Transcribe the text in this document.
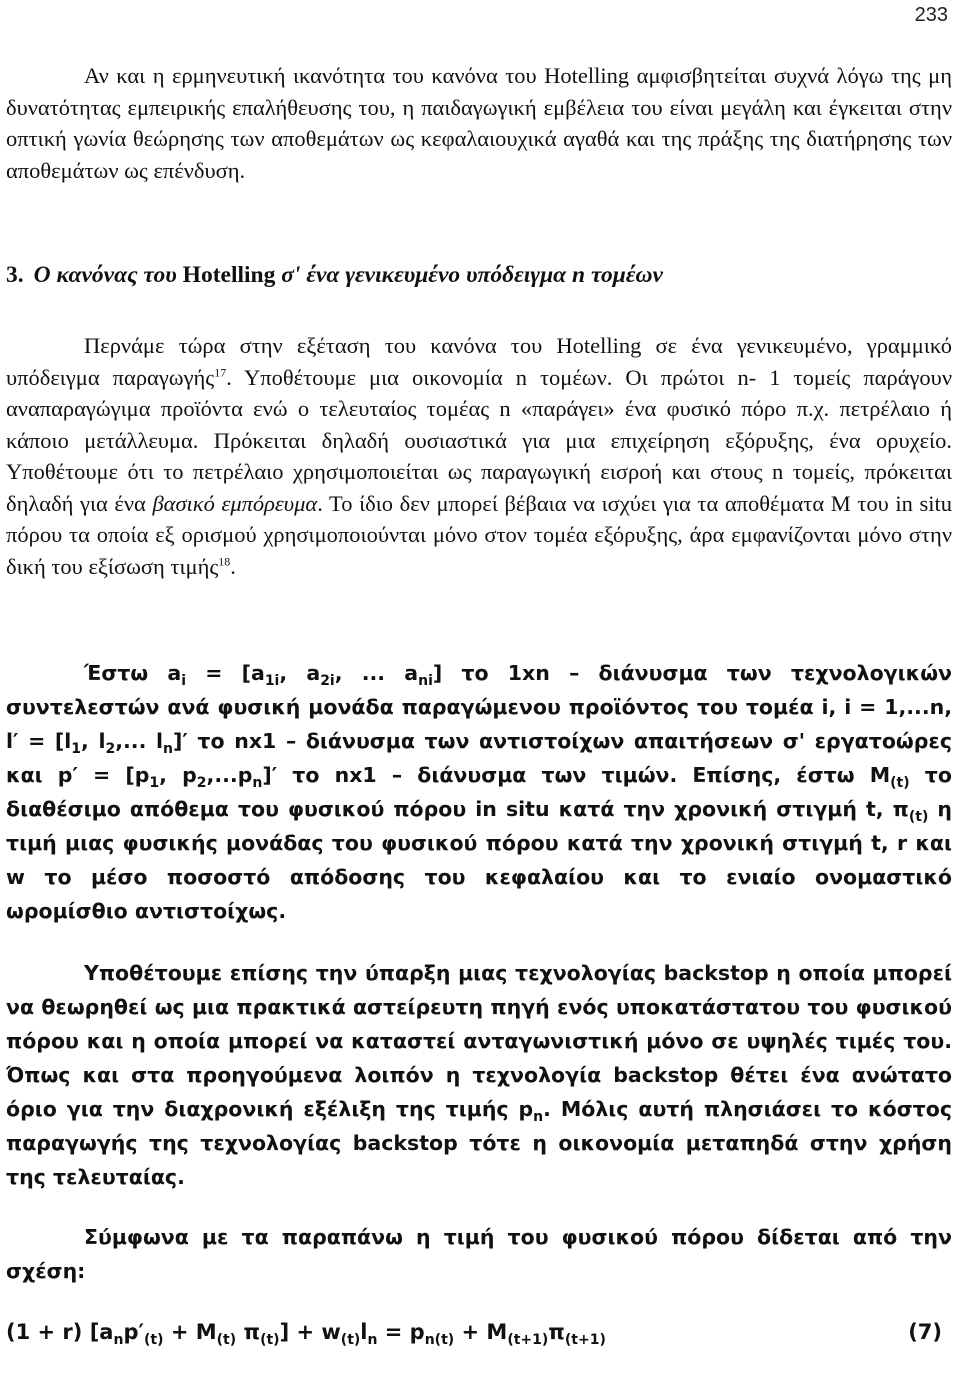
233

Αν και η ερμηνευτική ικανότητα του κανόνα του Hotelling αμφισβητείται συχνά λόγω της μη δυνατότητας εμπειρικής επαλήθευσης του, η παιδαγωγική εμβέλεια του είναι μεγάλη και έγκειται στην οπτική γωνία θεώρησης των αποθεμάτων ως κεφαλαιουχικά αγαθά και της πράξης της διατήρησης των αποθεμάτων ως επένδυση.

3. Ο κανόνας του Hotelling σ' ένα γενικευμένο υπόδειγμα n τομέων

Περνάμε τώρα στην εξέταση του κανόνα του Hotelling σε ένα γενικευμένο, γραμμικό υπόδειγμα παραγωγής$^{17}$. Υποθέτουμε μια οικονομία n τομέων. Οι πρώτοι n- 1 τομείς παράγουν αναπαραγώγιμα προϊόντα ενώ ο τελευταίος τομέας n «παράγει» ένα φυσικό πόρο π.χ. πετρέλαιο ή κάποιο μετάλλευμα. Πρόκειται δηλαδή ουσιαστικά για μια επιχείρηση εξόρυξης, ένα ορυχείο. Υποθέτουμε ότι το πετρέλαιο χρησιμοποιείται ως παραγωγική εισροή και στους n τομείς, πρόκειται δηλαδή για ένα βασικό εμπόρευμα. Το ίδιο δεν μπορεί βέβαια να ισχύει για τα αποθέματα Μ του in situ πόρου τα οποία εξ ορισμού χρησιμοποιούνται μόνο στον τομέα εξόρυξης, άρα εμφανίζονται μόνο στην δική του εξίσωση τιμής$^{18}$.

Έστω $a_i = [a_{1i}$, $a_{2i}$, ... $a_{ni}$] το 1xn – διάνυσμα των τεχνολογικών συντελεστών ανά φυσική μονάδα παραγώμενου προϊόντος του τομέα i, i = 1,...n, $l' = [l_1$, $l_2$,... $l_n]'$ το nx1 – διάνυσμα των αντιστοίχων απαιτήσεων σ' εργατοώρες και $p' = [p_1$, $p_2,...p_n]'$ το nx1 – διάνυσμα των τιμών. Επίσης, έστω $M_{(t)}$ το διαθέσιμο απόθεμα του φυσικού πόρου in situ κατά την χρονική στιγμή t, $\pi_{(t)}$ η τιμή μιας φυσικής μονάδας του φυσικού πόρου κατά την χρονική στιγμή t, r και w το μέσο ποσοστό απόδοσης του κεφαλαίου και το ενιαίο ονομαστικό ωρομίσθιο αντιστοίχως.

Υποθέτουμε επίσης την ύπαρξη μιας τεχνολογίας backstop η οποία μπορεί να θεωρηθεί ως μια πρακτικά αστείρευτη πηγή ενός υποκατάστατου του φυσικού πόρου και η οποία μπορεί να καταστεί ανταγωνιστική μόνο σε υψηλές τιμές του. Όπως και στα προηγούμενα λοιπόν η τεχνολογία backstop θέτει ένα ανώτατο όριο για την διαχρονική εξέλιξη της τιμής $p_n$. Μόλις αυτή πλησιάσει το κόστος παραγωγής της τεχνολογίας backstop τότε η οικονομία μεταπηδά στην χρήση της τελευταίας.

Σύμφωνα με τα παραπάνω η τιμή του φυσικού πόρου δίδεται από την σχέση:

(1 + r) [$a_np'_{(t)} + M_{(t)}$ $\pi_{(t)}] + w_{(t)}l_n = p_{n(t)} + M_{(t+1)}\pi_{(t+1)}$	(7)
